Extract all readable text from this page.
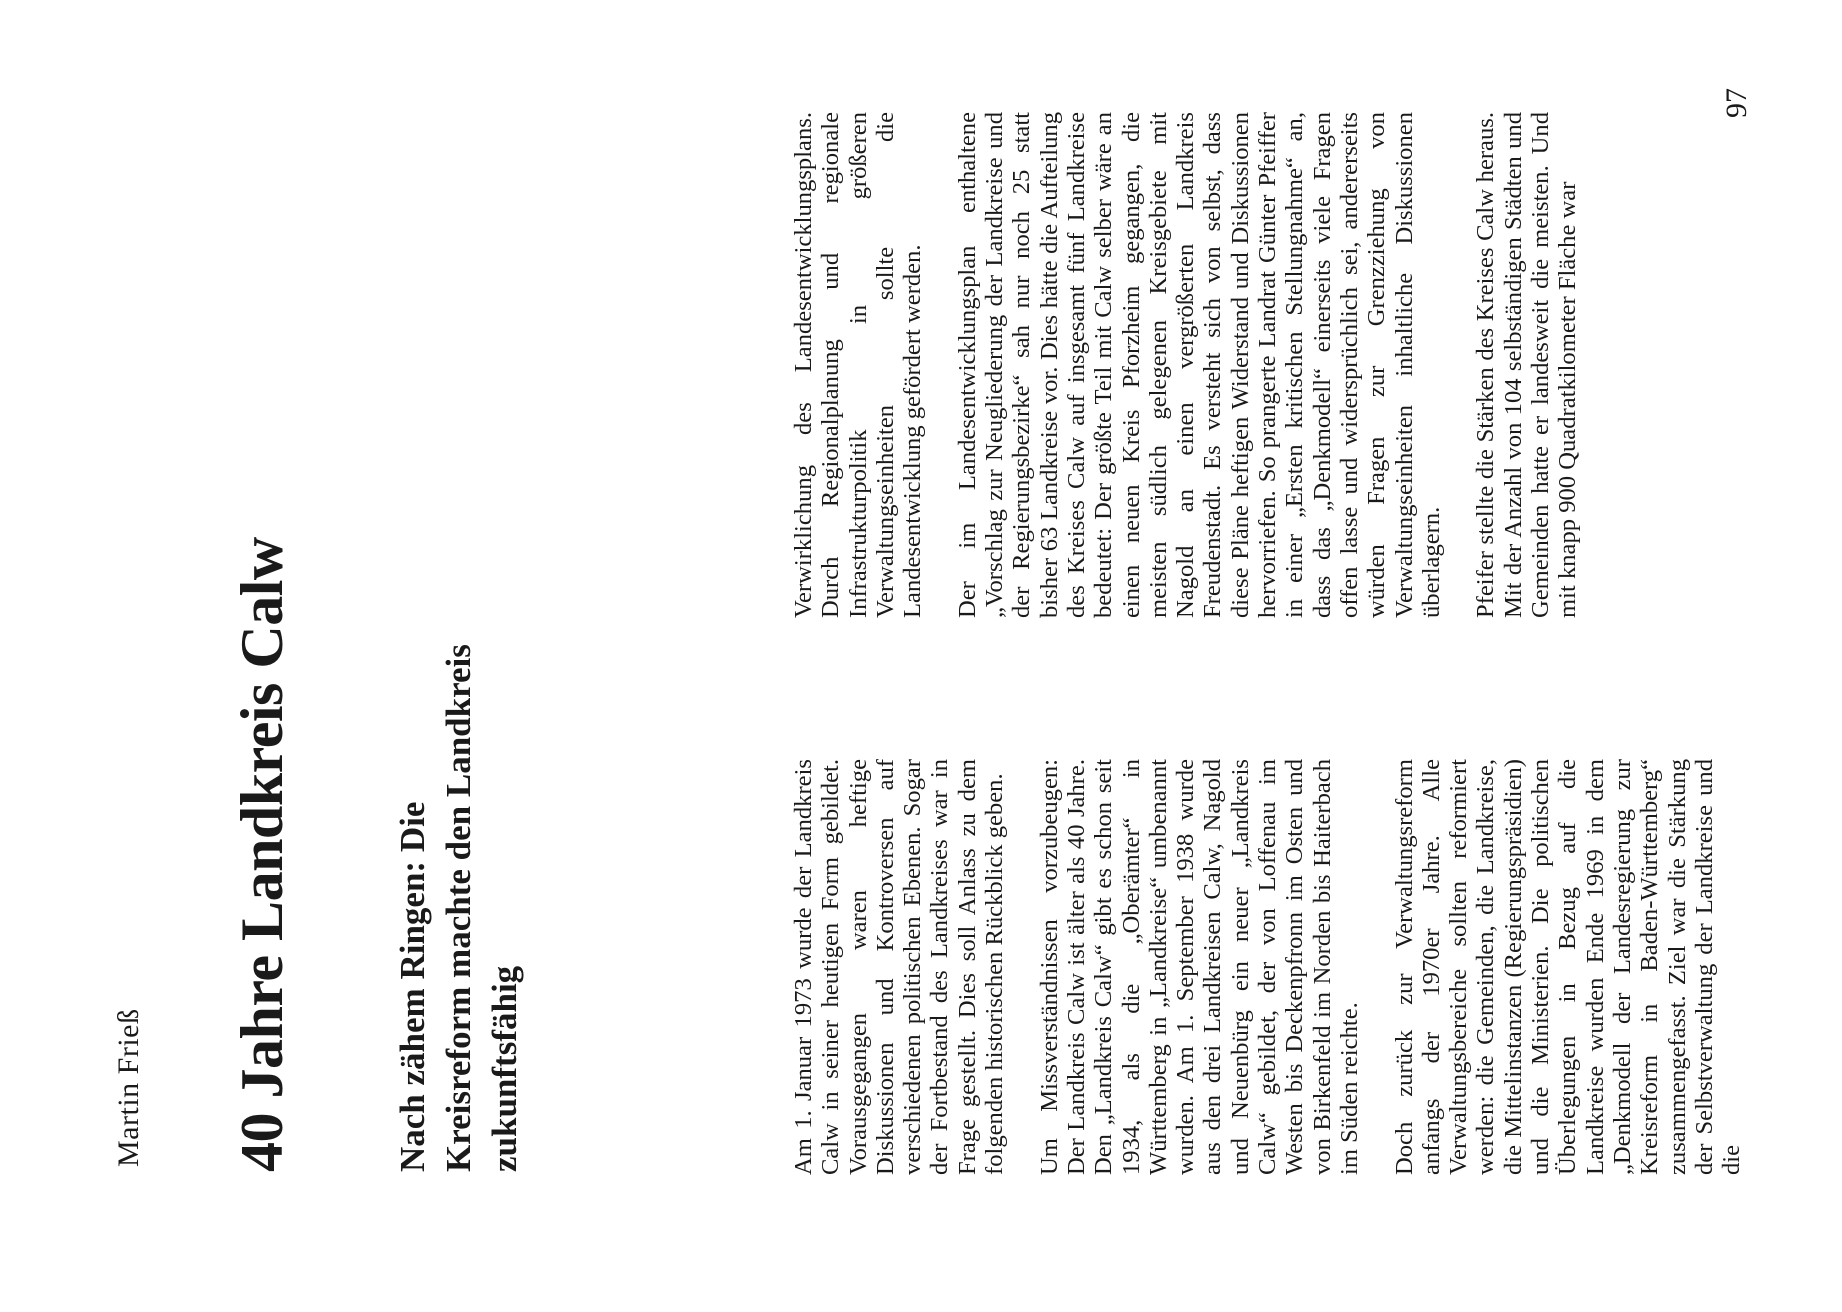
Martin Frieß 40 Jahre Landkreis Calw	Nach zähem Ringen: Die Kreisreform machte den Landkreis zukunftsfähig	Am 1. Januar 1973 wurde der Landkreis Calw in seiner heutigen Form gebildet. Vorausgegangen waren heftige Diskussionen und Kontroversen auf verschiedenen politischen Ebenen. Sogar der Fortbestand des Landkreises war in Frage gestellt. Dies soll Anlass zu dem folgenden historischen Rückblick geben. Um Missverständnissen vorzubeugen: Der Landkreis Calw ist älter als 40 Jahre. Den „Landkreis Calw“ gibt es schon seit 1934, als die „Oberämter“ in Württemberg in „Landkreise“ umbenannt wurden. Am 1. September 1938 wurde aus den drei Landkreisen Calw, Nagold und Neuenbürg ein neuer „Landkreis Calw“ gebildet, der von Loffenau im Westen bis Deckenpfronn im Osten und von Birkenfeld im Norden bis Haiterbach im Süden reichte. Doch zurück zur Verwaltungsreform anfangs der 1970er Jahre. Alle Verwaltungsbereiche sollten reformiert werden: die Gemeinden, die Landkreise, die Mittelinstanzen (Regierungspräsidien) und die Ministerien. Die politischen Überlegungen in Bezug auf die Landkreise wurden Ende 1969 in dem „Denkmodell der Landesregierung zur Kreisreform in Baden-Württemberg“ zusammengefasst. Ziel war die Stärkung der Selbstverwaltung der Landkreise und die

Verwirklichung des Landesentwicklungsplans. Durch Regionalplanung und regionale Infrastrukturpolitik in größeren Verwaltungseinheiten sollte die Landesentwicklung gefördert werden. Der im Landesentwicklungsplan enthaltene „Vorschlag zur Neugliederung der Landkreise und der Regierungsbezirke“ sah nur noch 25 statt bisher 63 Landkreise vor. Dies hätte die Aufteilung des Kreises Calw auf insgesamt fünf Landkreise bedeutet: Der größte Teil mit Calw selber wäre an einen neuen Kreis Pforzheim gegangen, die meisten südlich gelegenen Kreisgebiete mit Nagold an einen vergrößerten Landkreis Freudenstadt. Es versteht sich von selbst, dass diese Pläne heftigen Widerstand und Diskussionen hervorriefen. So prangerte Landrat Günter Pfeiffer in einer „Ersten kritischen Stellungnahme“ an, dass das „Denkmodell“ einerseits viele Fragen offen lasse und widersprüchlich sei, andererseits würden Fragen zur Grenzziehung von Verwaltungseinheiten inhaltliche Diskussionen überlagern. Pfeifer stellte die Stärken des Kreises Calw heraus. Mit der Anzahl von 104 selbständigen Städten und Gemeinden hatte er landesweit die meisten. Und mit knapp 900 Quadratkilometer Fläche war

97
